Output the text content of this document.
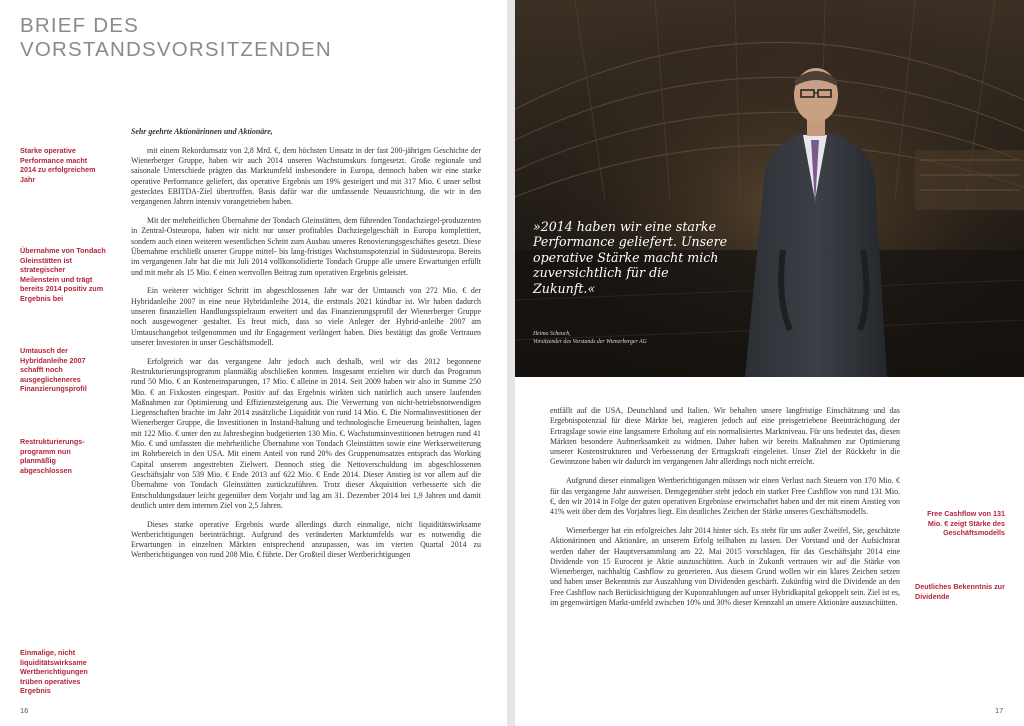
BRIEF DES
VORSTANDSVORSITZENDEN
Starke operative Performance macht 2014 zu erfolgreichem Jahr
Übernahme von Tondach Gleinstätten ist strategischer Meilenstein und trägt bereits 2014 positiv zum Ergebnis bei
Umtausch der Hybridanleihe 2007 schafft noch ausgeglicheneres Finanzierungsprofil
Restrukturierungs-programm nun planmäßig abgeschlossen
Einmalige, nicht liquiditätswirksame Wertberichtigungen trüben operatives Ergebnis

Sehr geehrte Aktionärinnen und Aktionäre,

mit einem Rekordumsatz von 2,8 Mrd. €, dem höchsten Umsatz in der fast 200-jährigen Geschichte der Wienerberger Gruppe, haben wir auch 2014 unseren Wachstumskurs fortgesetzt. Große regionale und saisonale Unterschiede prägten das Marktumfeld insbesondere in Europa, dennoch haben wir eine starke operative Performance geliefert, das operative Ergebnis um 19% gesteigert und mit 317 Mio. € unser selbst gestecktes EBITDA-Ziel übertroffen. Basis dafür war die umfassende Neuausrichtung, die wir in den vergangenen Jahren intensiv vorangetrieben haben.

Mit der mehrheitlichen Übernahme der Tondach Gleinstätten, dem führenden Tondachziegel-produzenten in Zentral-Osteuropa, haben wir nicht nur unser profitables Dachziegelgeschäft in Europa komplettiert, sondern auch einen weiteren wesentlichen Schritt zum Ausbau unseres Renovierungsgeschäftes gesetzt. Diese Übernahme erschließt unserer Gruppe mittel- bis lang-fristiges Wachstumspotenzial in Südosteuropa. Bereits im vergangenen Jahr hat die mit Juli 2014 vollkonsolidierte Tondach Gruppe alle unsere Erwartungen erfüllt und mit mehr als 15 Mio. € einen wertvollen Beitrag zum operativen Ergebnis geleistet.

Ein weiterer wichtiger Schritt im abgeschlossenen Jahr war der Umtausch von 272 Mio. € der Hybridanleihe 2007 in eine neue Hybridanleihe 2014, die erstmals 2021 kündbar ist. Wir haben dadurch unseren finanziellen Handlungsspielraum erweitert und das Finanzierungsprofil der Wienerberger Gruppe noch ausgewogener gestaltet. Es freut mich, dass so viele Anleger der Hybrid-anleihe 2007 am Umtauschangebot teilgenommen und ihr Engagement verlängert haben. Dies bestätigt das große Vertrauen unserer Investoren in unser Geschäftsmodell.

Erfolgreich war das vergangene Jahr jedoch auch deshalb, weil wir das 2012 begonnene Restrukturierungsprogramm planmäßig abschließen konnten. Insgesamt erzielten wir durch das Programm rund 50 Mio. € an Kosteneinsparungen, 17 Mio. € alleine in 2014. Seit 2009 haben wir also in Summe 250 Mio. € an Fixkosten eingespart. Positiv auf das Ergebnis wirkten sich natürlich auch unsere laufenden Maßnahmen zur Optimierung und Effizienzsteigerung aus. Die Verwertung von nicht-betriebsnotwendigen Liegenschaften brachte im Jahr 2014 zusätzliche Liquidität von rund 14 Mio. €. Die Normalinvestitionen der Wienerberger Gruppe, die Investitionen in Instand-haltung und technologische Erneuerung beinhalten, lagen mit 122 Mio. € unter den zu Jahresbeginn budgetierten 130 Mio. €. Wachstumsinvestitionen betrugen rund 41 Mio. € und umfassten die mehrheitliche Übernahme von Tondach Gleinstätten sowie eine Werkserweiterung im Rohrbereich in den USA. Mit einem Anteil von rund 20% des Gruppenumsatzes entsprach das Working Capital unserem angestrebten Zielwert. Dennoch stieg die Nettoverschuldung im abgeschlossenen Geschäftsjahr von 539 Mio. € Ende 2013 auf 622 Mio. € Ende 2014. Dieser Anstieg ist vor allem auf die Übernahme von Tondach Gleinstätten zurückzuführen. Trotz dieser Akquisition verbesserte sich die Entschuldungsdauer leicht gegenüber dem Vorjahr und lag am 31. Dezember 2014 bei 1,9 Jahren und damit deutlich unter dem internen Ziel von 2,5 Jahren.

Dieses starke operative Ergebnis wurde allerdings durch einmalige, nicht liquiditätswirksame Wertberichtigungen beeinträchtigt. Aufgrund des veränderten Marktumfelds war es notwendig die Erwartungen in einzelnen Märkten entsprechend anzupassen, was im vierten Quartal 2014 zu Wertberichtigungen von rund 208 Mio. € führte. Der Großteil dieser Wertberichtigungen

16
»2014 haben wir eine starke Performance geliefert. Unsere operative Stärke macht mich zuversichtlich für die Zukunft.«
Heimo Scheuch,
Vorsitzender des Vorstands der Wienerberger AG

entfällt auf die USA, Deutschland und Italien. Wir behalten unsere langfristige Einschätzung und das Ergebnispotenzial für diese Märkte bei, reagieren jedoch auf eine preisgetriebene Beeinträchtigung der Ertragslage sowie eine langsamere Erholung auf ein normalisiertes Marktniveau. Für uns bedeutet das, diesen Märkten besondere Aufmerksamkeit zu widmen. Daher haben wir bereits Maßnahmen zur Optimierung unserer Kostenstrukturen und Verbesserung der Ertragskraft eingeleitet. Unser Ziel der Rückkehr in die Gewinnzone haben wir dadurch im vergangenen Jahr allerdings noch nicht erreicht.

Aufgrund dieser einmaligen Wertberichtigungen müssen wir einen Verlust nach Steuern von 170 Mio. € für das vergangene Jahr ausweisen. Demgegenüber steht jedoch ein starker Free Cashflow von rund 131 Mio. €, den wir 2014 in Folge der guten operativen Ergebnisse erwirtschaftet haben und der mit einem Anstieg von 41% weit über dem des Vorjahres liegt. Ein deutliches Zeichen der Stärke unseres Geschäftsmodells.

Wienerberger hat ein erfolgreiches Jahr 2014 hinter sich. Es steht für uns außer Zweifel, Sie, geschätzte Aktionärinnen und Aktionäre, an unserem Erfolg teilhaben zu lassen. Der Vorstand und der Aufsichtsrat werden daher der Hauptversammlung am 22. Mai 2015 vorschlagen, für das Geschäftsjahr 2014 eine Dividende von 15 Eurocent je Aktie auszuschütten. Auch in Zukunft vertrauen wir auf die Stärke von Wienerberger, nachhaltig Cashflow zu generieren. Aus diesem Grund wollen wir ein klares Zeichen setzen und haben unser Bekenntnis zur Auszahlung von Dividenden geschärft. Zukünftig wird die Dividende an den Free Cashflow nach Berücksichtigung der Kuponzahlungen auf unser Hybridkapital gekoppelt sein. Ziel ist es, im gegenwärtigen Markt-umfeld zwischen 10% und 30% dieser Kennzahl an unsere Aktionäre auszuschütten.

Free Cashflow von 131 Mio. € zeigt Stärke des Geschäftsmodells
Deutliches Bekenntnis zur Dividende
17
